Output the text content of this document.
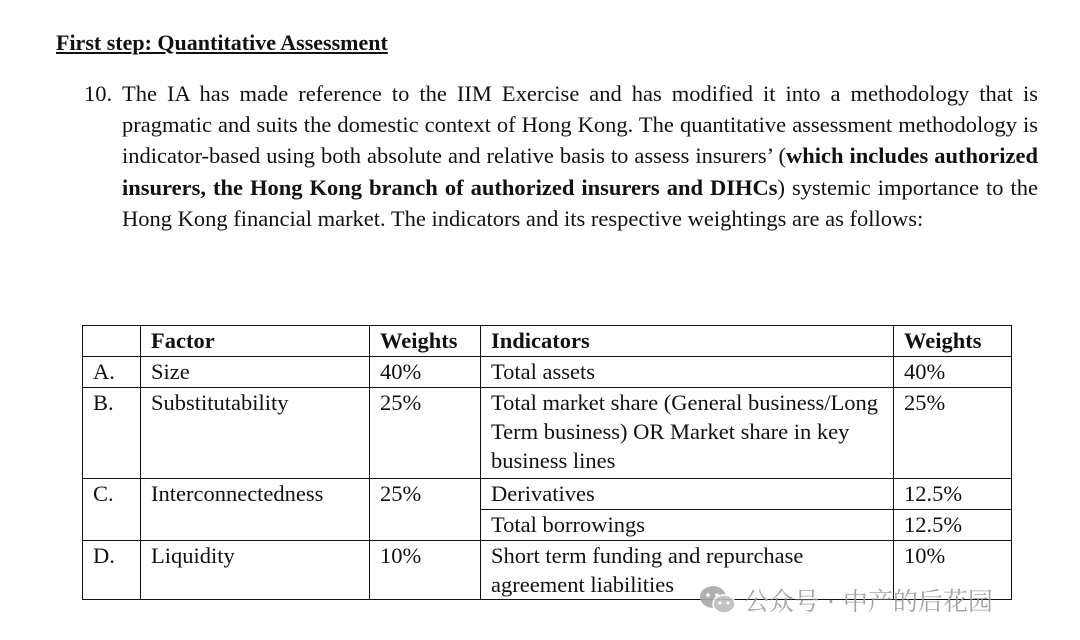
First step: Quantitative Assessment
10. The IA has made reference to the IIM Exercise and has modified it into a methodology that is pragmatic and suits the domestic context of Hong Kong. The quantitative assessment methodology is indicator-based using both absolute and relative basis to assess insurers’ (which includes authorized insurers, the Hong Kong branch of authorized insurers and DIHCs) systemic importance to the Hong Kong financial market. The indicators and its respective weightings are as follows:
	Factor	Weights	Indicators	Weights
A.	Size	40%	Total assets	40%
B.	Substitutability	25%	Total market share (General business/Long Term business) OR Market share in key business lines	25%
C.	Interconnectedness	25%	Derivatives	12.5%
			Total borrowings	12.5%
D.	Liquidity	10%	Short term funding and repurchase agreement liabilities	10%
公众号 · 中产的后花园
